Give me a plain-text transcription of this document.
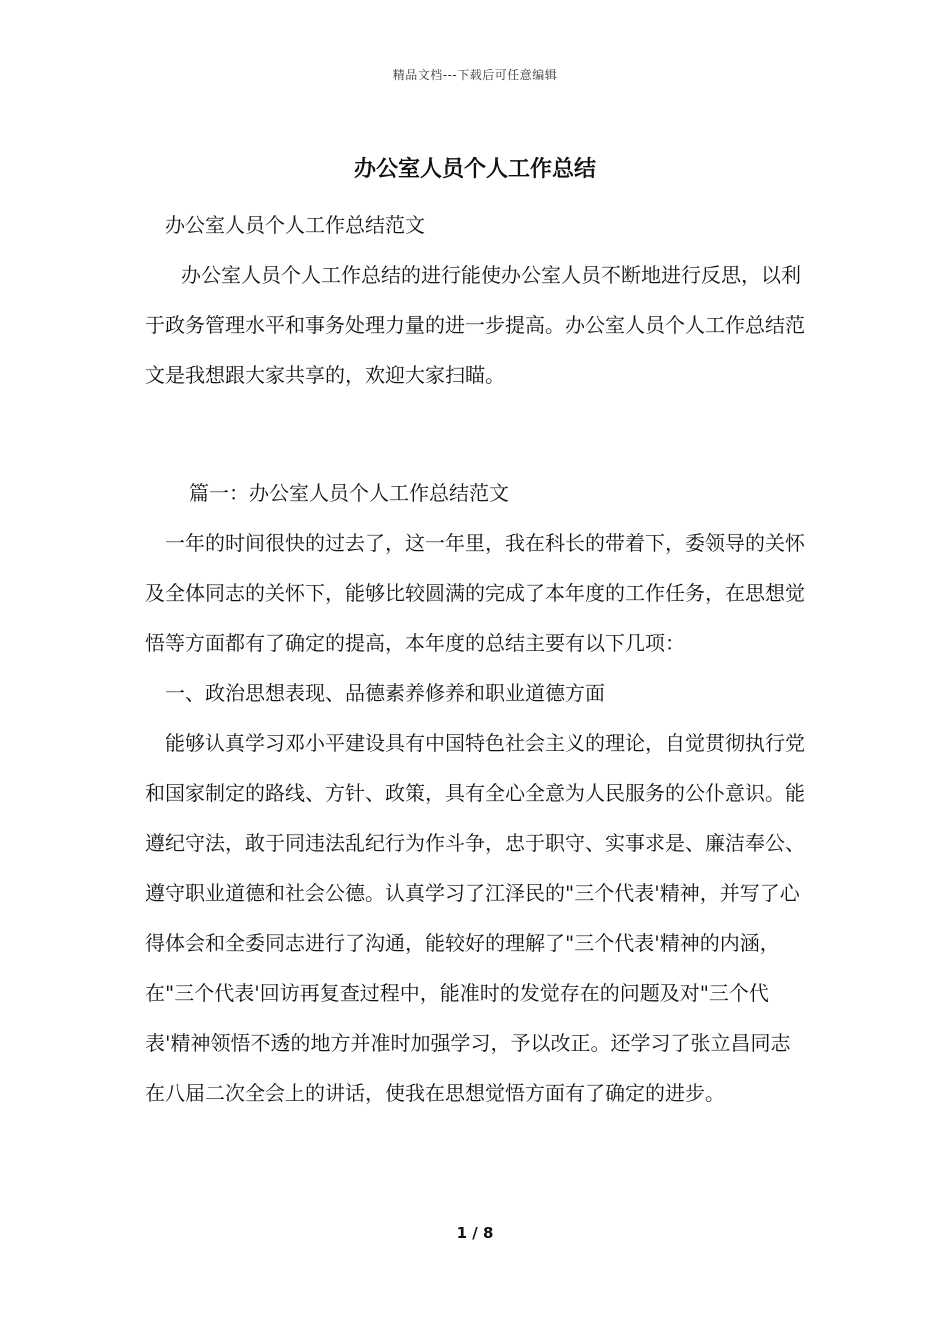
精品文档---下载后可任意编辑
办公室人员个人工作总结

办公室人员个人工作总结范文

办公室人员个人工作总结的进行能使办公室人员不断地进行反思，以利于政务管理水平和事务处理力量的进一步提高。办公室人员个人工作总结范文是我想跟大家共享的，欢迎大家扫瞄。

篇一：办公室人员个人工作总结范文

一年的时间很快的过去了，这一年里，我在科长的带着下，委领导的关怀及全体同志的关怀下，能够比较圆满的完成了本年度的工作任务，在思想觉悟等方面都有了确定的提高，本年度的总结主要有以下几项：

一、政治思想表现、品德素养修养和职业道德方面

能够认真学习邓小平建设具有中国特色社会主义的理论，自觉贯彻执行党和国家制定的路线、方针、政策，具有全心全意为人民服务的公仆意识。能遵纪守法，敢于同违法乱纪行为作斗争，忠于职守、实事求是、廉洁奉公、遵守职业道德和社会公德。认真学习了江泽民的"三个代表'精神，并写了心得体会和全委同志进行了沟通，能较好的理解了"三个代表'精神的内涵，在"三个代表'回访再复查过程中，能准时的发觉存在的问题及对"三个代表'精神领悟不透的地方并准时加强学习，予以改正。还学习了张立昌同志在八届二次全会上的讲话，使我在思想觉悟方面有了确定的进步。

1 / 8
